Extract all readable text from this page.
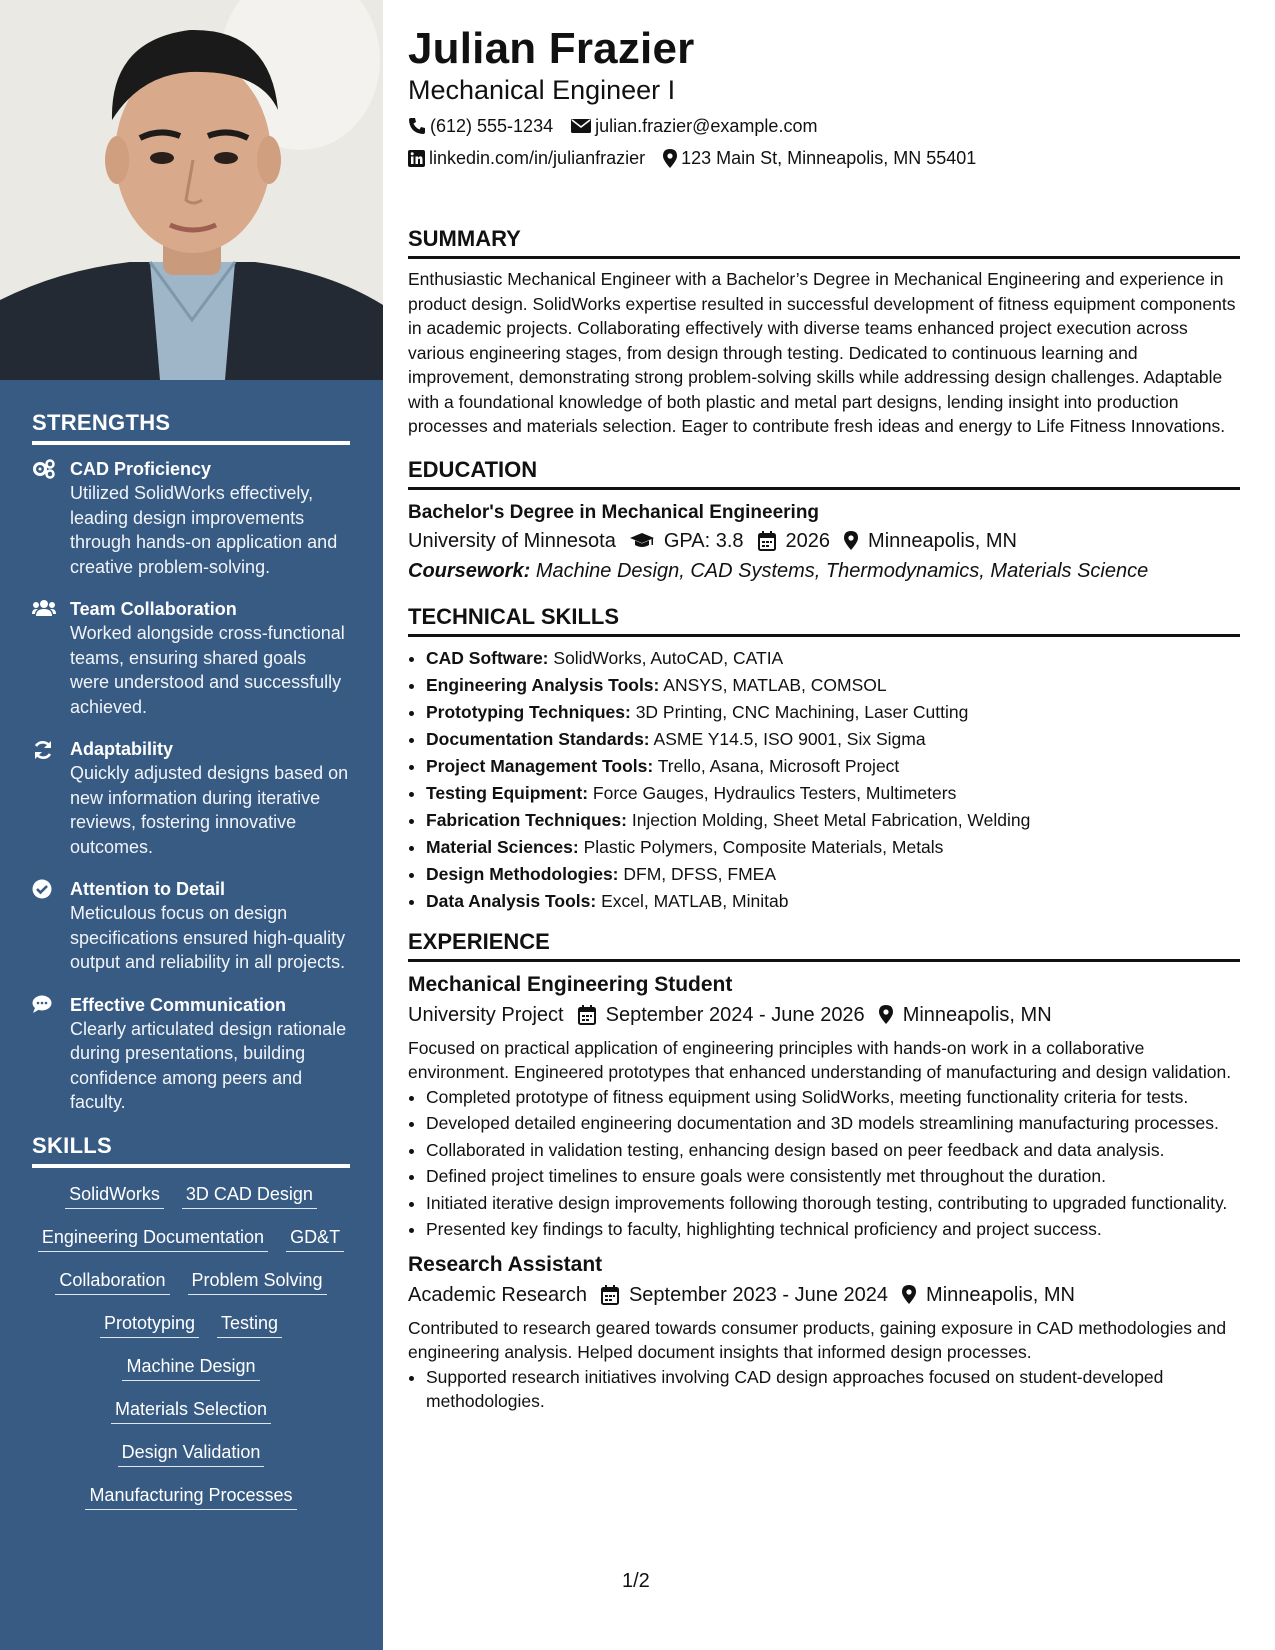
STRENGTHS
CAD Proficiency
Utilized SolidWorks effectively, leading design improvements through hands-on application and creative problem-solving.
Team Collaboration
Worked alongside cross-functional teams, ensuring shared goals were understood and successfully achieved.
Adaptability
Quickly adjusted designs based on new information during iterative reviews, fostering innovative outcomes.
Attention to Detail
Meticulous focus on design specifications ensured high-quality output and reliability in all projects.
Effective Communication
Clearly articulated design rationale during presentations, building confidence among peers and faculty.
SKILLS
SolidWorks 3D CAD Design
Engineering Documentation GD&T
Collaboration Problem Solving
Prototyping Testing
Machine Design
Materials Selection
Design Validation
Manufacturing Processes
Julian Frazier
Mechanical Engineer I
(612) 555-1234 julian.frazier@example.com
linkedin.com/in/julianfrazier 123 Main St, Minneapolis, MN 55401
SUMMARY

Enthusiastic Mechanical Engineer with a Bachelor’s Degree in Mechanical Engineering and experience in product design. SolidWorks expertise resulted in successful development of fitness equipment components in academic projects. Collaborating effectively with diverse teams enhanced project execution across various engineering stages, from design through testing. Dedicated to continuous learning and improvement, demonstrating strong problem-solving skills while addressing design challenges. Adaptable with a foundational knowledge of both plastic and metal part designs, lending insight into production processes and materials selection. Eager to contribute fresh ideas and energy to Life Fitness Innovations.

EDUCATION
Bachelor's Degree in Mechanical Engineering
University of Minnesota GPA: 3.8 2026 Minneapolis, MN
Coursework: Machine Design, CAD Systems, Thermodynamics, Materials Science
TECHNICAL SKILLS
• CAD Software: SolidWorks, AutoCAD, CATIA
• Engineering Analysis Tools: ANSYS, MATLAB, COMSOL
• Prototyping Techniques: 3D Printing, CNC Machining, Laser Cutting
• Documentation Standards: ASME Y14.5, ISO 9001, Six Sigma
• Project Management Tools: Trello, Asana, Microsoft Project
• Testing Equipment: Force Gauges, Hydraulics Testers, Multimeters
• Fabrication Techniques: Injection Molding, Sheet Metal Fabrication, Welding
• Material Sciences: Plastic Polymers, Composite Materials, Metals
• Design Methodologies: DFM, DFSS, FMEA
• Data Analysis Tools: Excel, MATLAB, Minitab
EXPERIENCE
Mechanical Engineering Student
University Project September 2024 - June 2026 Minneapolis, MN

Focused on practical application of engineering principles with hands-on work in a collaborative environment. Engineered prototypes that enhanced understanding of manufacturing and design validation.

• Completed prototype of fitness equipment using SolidWorks, meeting functionality criteria for tests.
• Developed detailed engineering documentation and 3D models streamlining manufacturing processes.
• Collaborated in validation testing, enhancing design based on peer feedback and data analysis.
• Defined project timelines to ensure goals were consistently met throughout the duration.
• Initiated iterative design improvements following thorough testing, contributing to upgraded functionality.
• Presented key findings to faculty, highlighting technical proficiency and project success.
Research Assistant
Academic Research September 2023 - June 2024 Minneapolis, MN

Contributed to research geared towards consumer products, gaining exposure in CAD methodologies and engineering analysis. Helped document insights that informed design processes.

• Supported research initiatives involving CAD design approaches focused on student-developed methodologies.
1/2
